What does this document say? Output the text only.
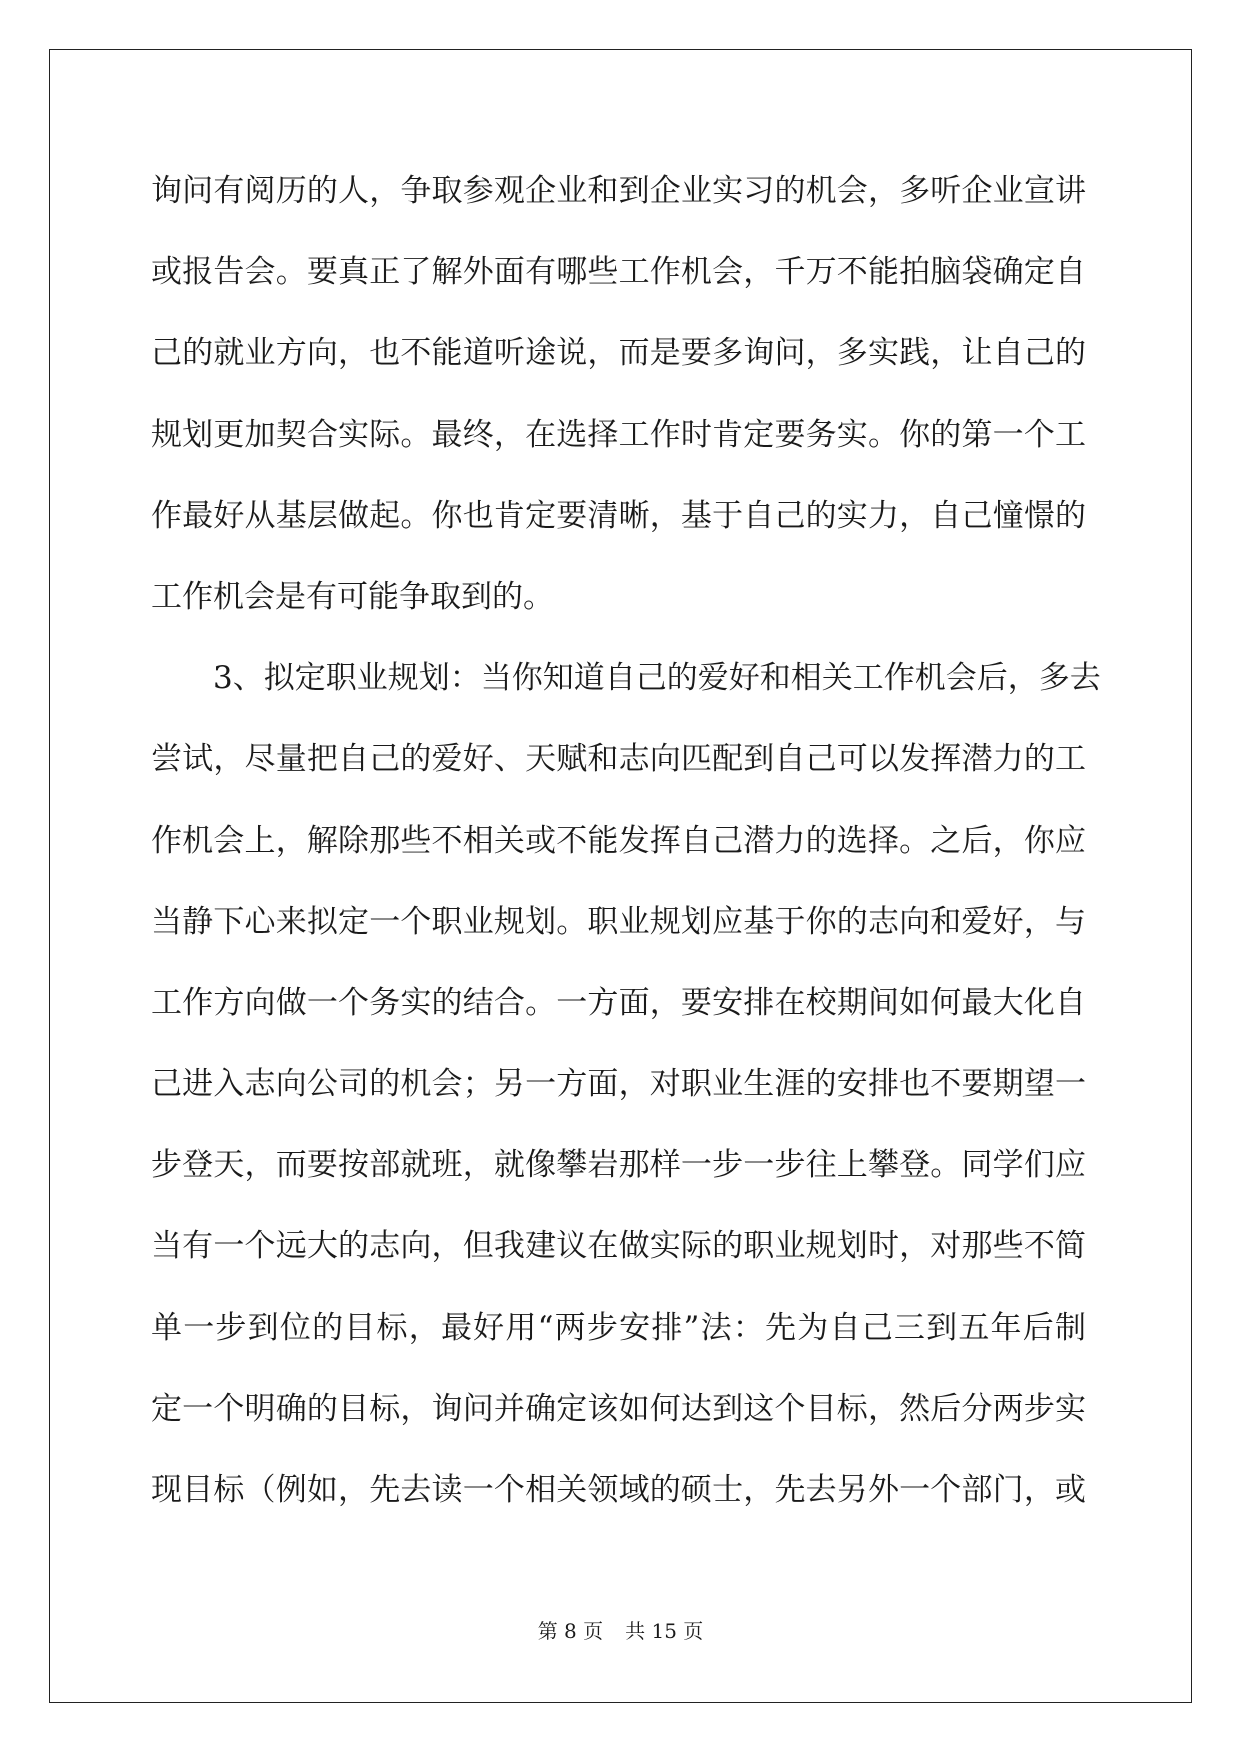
询问有阅历的人，争取参观企业和到企业实习的机会，多听企业宣讲
或报告会。要真正了解外面有哪些工作机会，千万不能拍脑袋确定自
己的就业方向，也不能道听途说，而是要多询问，多实践，让自己的
规划更加契合实际。最终，在选择工作时肯定要务实。你的第一个工
作最好从基层做起。你也肯定要清晰，基于自己的实力，自己憧憬的
工作机会是有可能争取到的。
3、拟定职业规划：当你知道自己的爱好和相关工作机会后，多去
尝试，尽量把自己的爱好、天赋和志向匹配到自己可以发挥潜力的工
作机会上，解除那些不相关或不能发挥自己潜力的选择。之后，你应
当静下心来拟定一个职业规划。职业规划应基于你的志向和爱好，与
工作方向做一个务实的结合。一方面，要安排在校期间如何最大化自
己进入志向公司的机会；另一方面，对职业生涯的安排也不要期望一
步登天，而要按部就班，就像攀岩那样一步一步往上攀登。同学们应
当有一个远大的志向，但我建议在做实际的职业规划时，对那些不简
单一步到位的目标，最好用“两步安排”法：先为自己三到五年后制
定一个明确的目标，询问并确定该如何达到这个目标，然后分两步实
现目标（例如，先去读一个相关领域的硕士，先去另外一个部门，或
第 8 页 共 15 页
